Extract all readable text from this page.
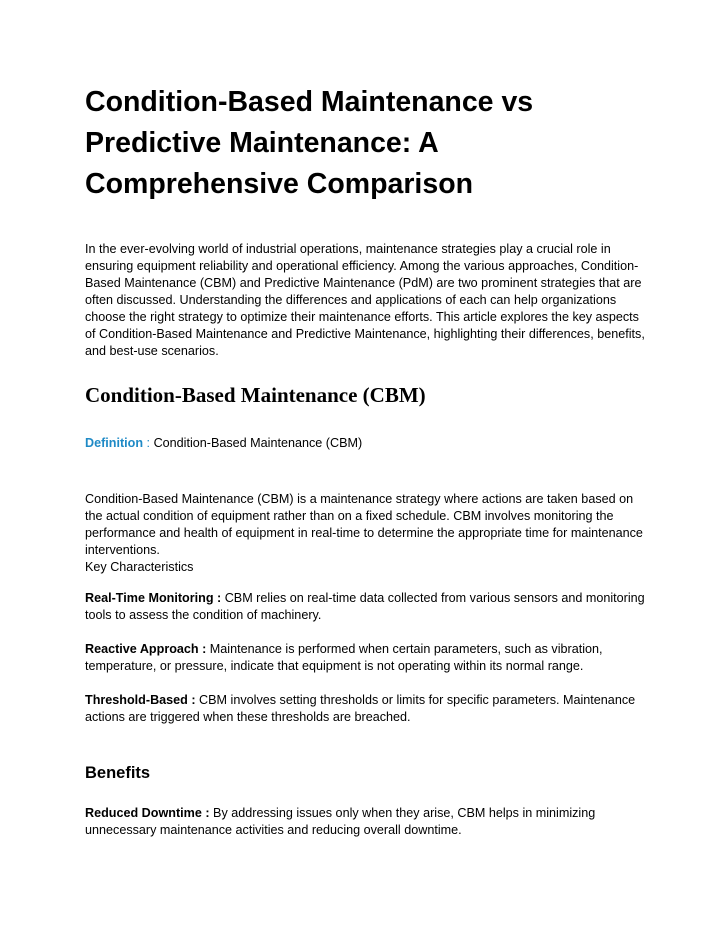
Condition-Based Maintenance vs Predictive Maintenance: A Comprehensive Comparison

In the ever-evolving world of industrial operations, maintenance strategies play a crucial role in ensuring equipment reliability and operational efficiency. Among the various approaches, Condition-Based Maintenance (CBM) and Predictive Maintenance (PdM) are two prominent strategies that are often discussed. Understanding the differences and applications of each can help organizations choose the right strategy to optimize their maintenance efforts. This article explores the key aspects of Condition-Based Maintenance and Predictive Maintenance, highlighting their differences, benefits, and best-use scenarios.

Condition-Based Maintenance (CBM)
Definition : Condition-Based Maintenance (CBM)

Condition-Based Maintenance (CBM) is a maintenance strategy where actions are taken based on the actual condition of equipment rather than on a fixed schedule. CBM involves monitoring the performance and health of equipment in real-time to determine the appropriate time for maintenance interventions.

Key Characteristics

Real-Time Monitoring : CBM relies on real-time data collected from various sensors and monitoring tools to assess the condition of machinery.

Reactive Approach : Maintenance is performed when certain parameters, such as vibration, temperature, or pressure, indicate that equipment is not operating within its normal range.

Threshold-Based : CBM involves setting thresholds or limits for specific parameters. Maintenance actions are triggered when these thresholds are breached.

Benefits

Reduced Downtime : By addressing issues only when they arise, CBM helps in minimizing unnecessary maintenance activities and reducing overall downtime.
